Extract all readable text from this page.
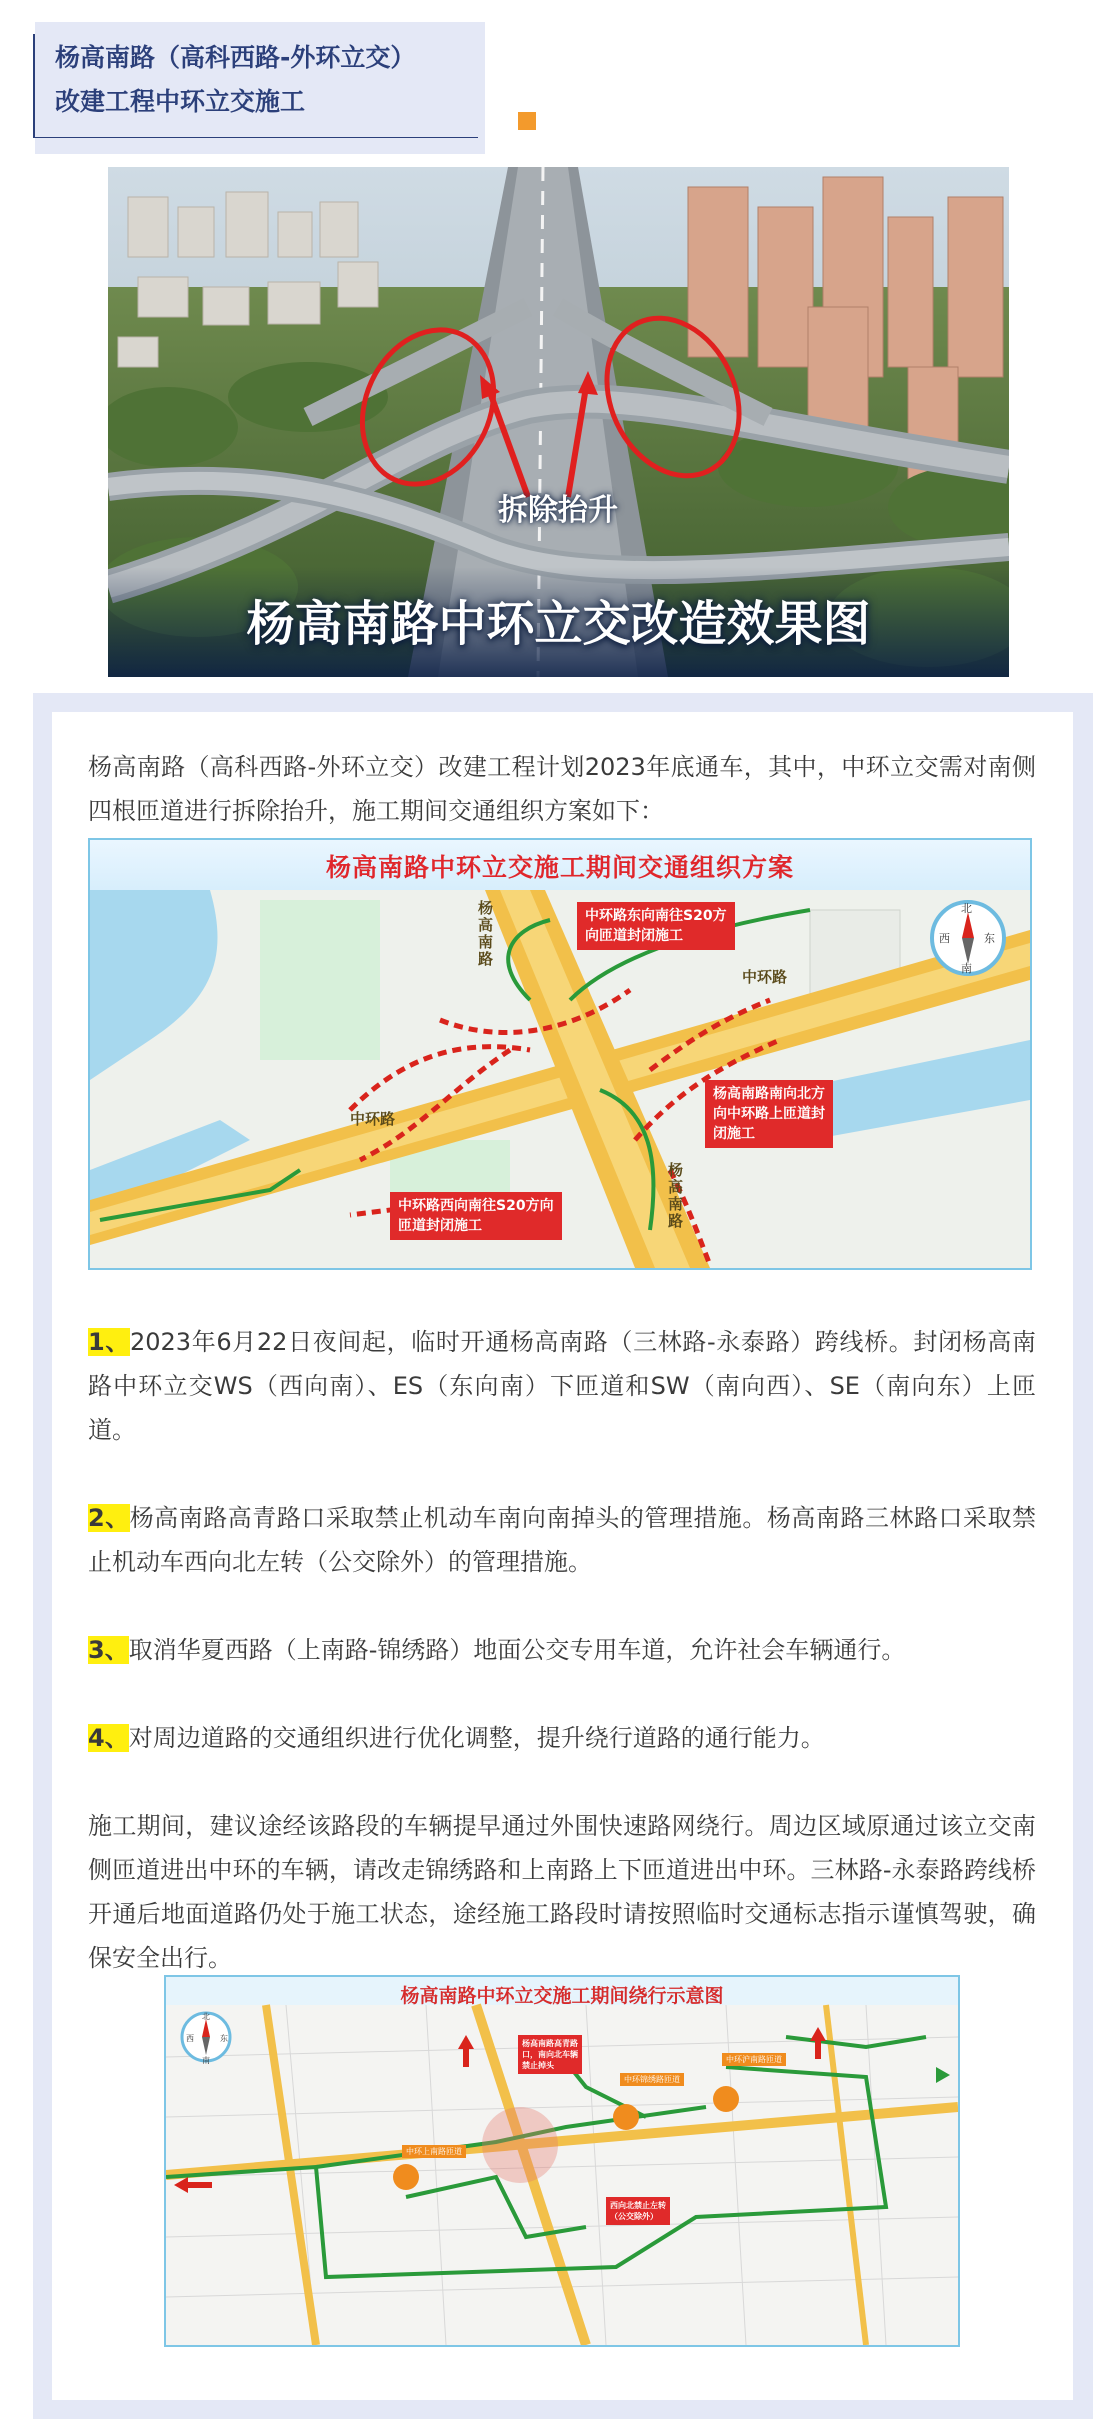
杨高南路（高科西路-外环立交）
改建工程中环立交施工
拆除抬升
杨高南路中环立交改造效果图
杨高南路（高科西路-外环立交）改建工程计划2023年底通车，其中，中环立交需对南侧四根匝道进行拆除抬升，施工期间交通组织方案如下：
杨高南路中环立交施工期间交通组织方案
杨高南路
中环路
中环路
杨高南路
北
南
西	东
中环路东向南往S20方
向匝道封闭施工
杨高南路南向北方
向中环路上匝道封
闭施工
中环路西向南往S20方向
匝道封闭施工
1、2023年6月22日夜间起，临时开通杨高南路（三林路-永泰路）跨线桥。封闭杨高南路中环立交WS（西向南）、ES（东向南）下匝道和SW（南向西）、SE（南向东）上匝道。
2、杨高南路高青路口采取禁止机动车南向南掉头的管理措施。杨高南路三林路口采取禁止机动车西向北左转（公交除外）的管理措施。
3、取消华夏西路（上南路-锦绣路）地面公交专用车道，允许社会车辆通行。
4、对周边道路的交通组织进行优化调整，提升绕行道路的通行能力。
施工期间，建议途经该路段的车辆提早通过外围快速路网绕行。周边区域原通过该立交南侧匝道进出中环的车辆，请改走锦绣路和上南路上下匝道进出中环。三林路-永泰路跨线桥开通后地面道路仍处于施工状态，途经施工路段时请按照临时交通标志指示谨慎驾驶，确保安全出行。
杨高南路中环立交施工期间绕行示意图
北
南
西	东
中环上南路匝道
中环锦绣路匝道
中环沪南路匝道
杨高南路高青路
口，南向北车辆
禁止掉头
西向北禁止左转
（公交除外）
